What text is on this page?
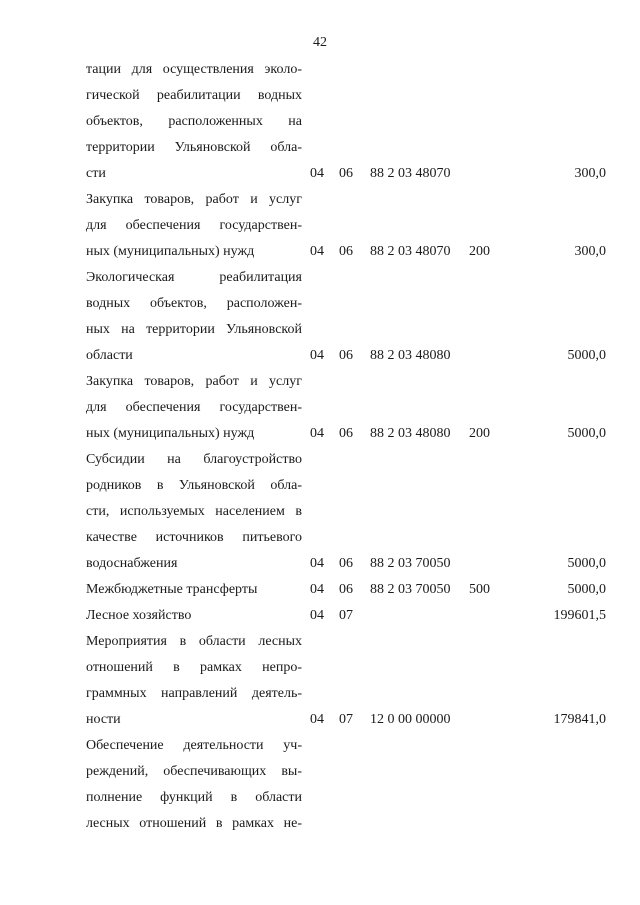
42
тации для осуществления эколо-
гической реабилитации водных
объектов, расположенных на
территории Ульяновской обла-
сти	04 06 88 2 03 48070	300,0
Закупка товаров, работ и услуг
для обеспечения государствен-
ных (муниципальных) нужд	04 06 88 2 03 48070 200	300,0
Экологическая реабилитация
водных объектов, расположен-
ных на территории Ульяновской
области	04 06 88 2 03 48080	5000,0
Закупка товаров, работ и услуг
для обеспечения государствен-
ных (муниципальных) нужд	04 06 88 2 03 48080 200	5000,0
Субсидии на благоустройство
родников в Ульяновской обла-
сти, используемых населением в
качестве источников питьевого
водоснабжения	04 06 88 2 03 70050	5000,0
Межбюджетные трансферты	04 06 88 2 03 70050 500	5000,0
Лесное хозяйство	04 07	199601,5
Мероприятия в области лесных
отношений в рамках непро-
граммных направлений деятель-
ности	04 07 12 0 00 00000	179841,0
Обеспечение деятельности уч-
реждений, обеспечивающих вы-
полнение функций в области
лесных отношений в рамках не-
